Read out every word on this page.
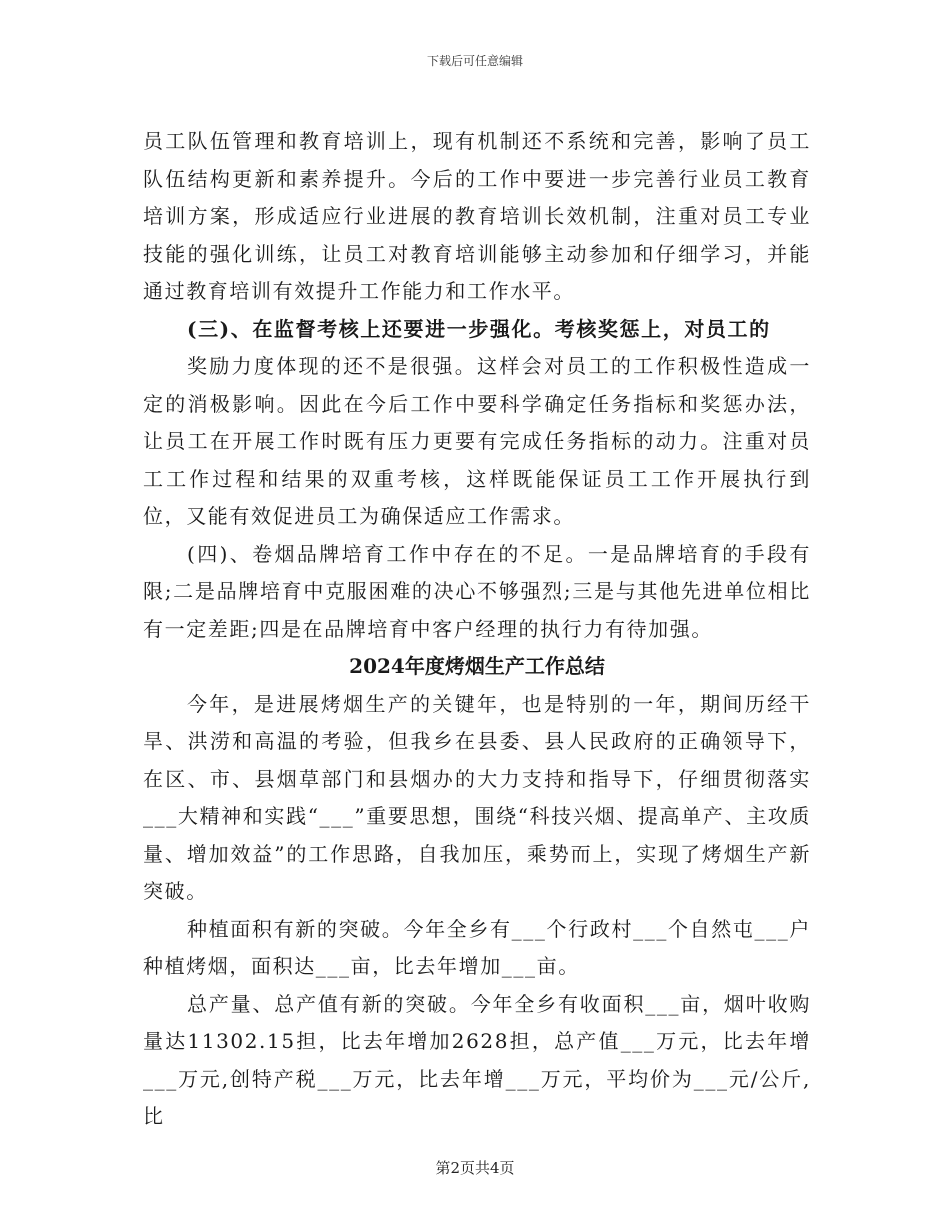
下载后可任意编辑

员工队伍管理和教育培训上，现有机制还不系统和完善，影响了员工队伍结构更新和素养提升。今后的工作中要进一步完善行业员工教育培训方案，形成适应行业进展的教育培训长效机制，注重对员工专业技能的强化训练，让员工对教育培训能够主动参加和仔细学习，并能通过教育培训有效提升工作能力和工作水平。

(三)、在监督考核上还要进一步强化。考核奖惩上，对员工的

奖励力度体现的还不是很强。这样会对员工的工作积极性造成一定的消极影响。因此在今后工作中要科学确定任务指标和奖惩办法，让员工在开展工作时既有压力更要有完成任务指标的动力。注重对员工工作过程和结果的双重考核，这样既能保证员工工作开展执行到位，又能有效促进员工为确保适应工作需求。

(四)、卷烟品牌培育工作中存在的不足。一是品牌培育的手段有限;二是品牌培育中克服困难的决心不够强烈;三是与其他先进单位相比有一定差距;四是在品牌培育中客户经理的执行力有待加强。

2024年度烤烟生产工作总结

今年，是进展烤烟生产的关键年，也是特别的一年，期间历经干旱、洪涝和高温的考验，但我乡在县委、县人民政府的正确领导下，在区、市、县烟草部门和县烟办的大力支持和指导下，仔细贯彻落实___大精神和实践“___”重要思想，围绕“科技兴烟、提高单产、主攻质量、增加效益”的工作思路，自我加压，乘势而上，实现了烤烟生产新突破。

种植面积有新的突破。今年全乡有___个行政村___个自然屯___户种植烤烟，面积达___亩，比去年增加___亩。

总产量、总产值有新的突破。今年全乡有收面积___亩，烟叶收购量达11302.15担，比去年增加2628担，总产值___万元，比去年增___万元,创特产税___万元，比去年增___万元，平均价为___元/公斤,比

第2页共4页
